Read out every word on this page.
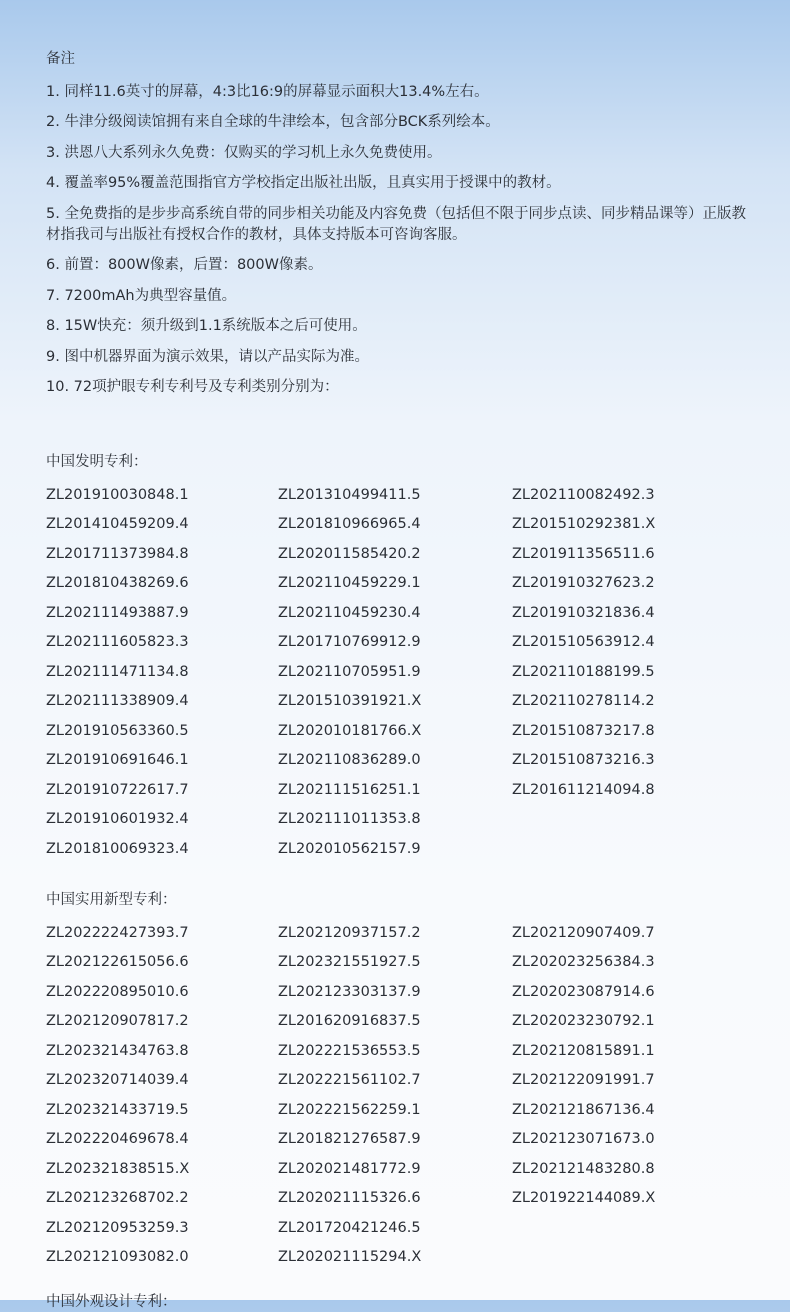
备注
1. 同样11.6英寸的屏幕，4:3比16:9的屏幕显示面积大13.4%左右。
2. 牛津分级阅读馆拥有来自全球的牛津绘本，包含部分BCK系列绘本。
3. 洪恩八大系列永久免费：仅购买的学习机上永久免费使用。
4. 覆盖率95%覆盖范围指官方学校指定出版社出版，且真实用于授课中的教材。
5. 全免费指的是步步高系统自带的同步相关功能及内容免费（包括但不限于同步点读、同步精品课等）正版教材指我司与出版社有授权合作的教材，具体支持版本可咨询客服。
6. 前置：800W像素，后置：800W像素。
7. 7200mAh为典型容量值。
8. 15W快充：须升级到1.1系统版本之后可使用。
9. 图中机器界面为演示效果，请以产品实际为准。
10. 72项护眼专利专利号及专利类别分别为：
中国发明专利：
ZL201910030848.1	ZL201310499411.5	ZL202110082492.3
ZL201410459209.4	ZL201810966965.4	ZL201510292381.X
ZL201711373984.8	ZL202011585420.2	ZL201911356511.6
ZL201810438269.6	ZL202110459229.1	ZL201910327623.2
ZL202111493887.9	ZL202110459230.4	ZL201910321836.4
ZL202111605823.3	ZL201710769912.9	ZL201510563912.4
ZL202111471134.8	ZL202110705951.9	ZL202110188199.5
ZL202111338909.4	ZL201510391921.X	ZL202110278114.2
ZL201910563360.5	ZL202010181766.X	ZL201510873217.8
ZL201910691646.1	ZL202110836289.0	ZL201510873216.3
ZL201910722617.7	ZL202111516251.1	ZL201611214094.8
ZL201910601932.4	ZL202111011353.8
ZL201810069323.4	ZL202010562157.9
中国实用新型专利：
ZL202222427393.7	ZL202120937157.2	ZL202120907409.7
ZL202122615056.6	ZL202321551927.5	ZL202023256384.3
ZL202220895010.6	ZL202123303137.9	ZL202023087914.6
ZL202120907817.2	ZL201620916837.5	ZL202023230792.1
ZL202321434763.8	ZL202221536553.5	ZL202120815891.1
ZL202320714039.4	ZL202221561102.7	ZL202122091991.7
ZL202321433719.5	ZL202221562259.1	ZL202121867136.4
ZL202220469678.4	ZL201821276587.9	ZL202123071673.0
ZL202321838515.X	ZL202021481772.9	ZL202121483280.8
ZL202123268702.2	ZL202021115326.6	ZL201922144089.X
ZL202120953259.3	ZL201720421246.5
ZL202121093082.0	ZL202021115294.X
中国外观设计专利：
